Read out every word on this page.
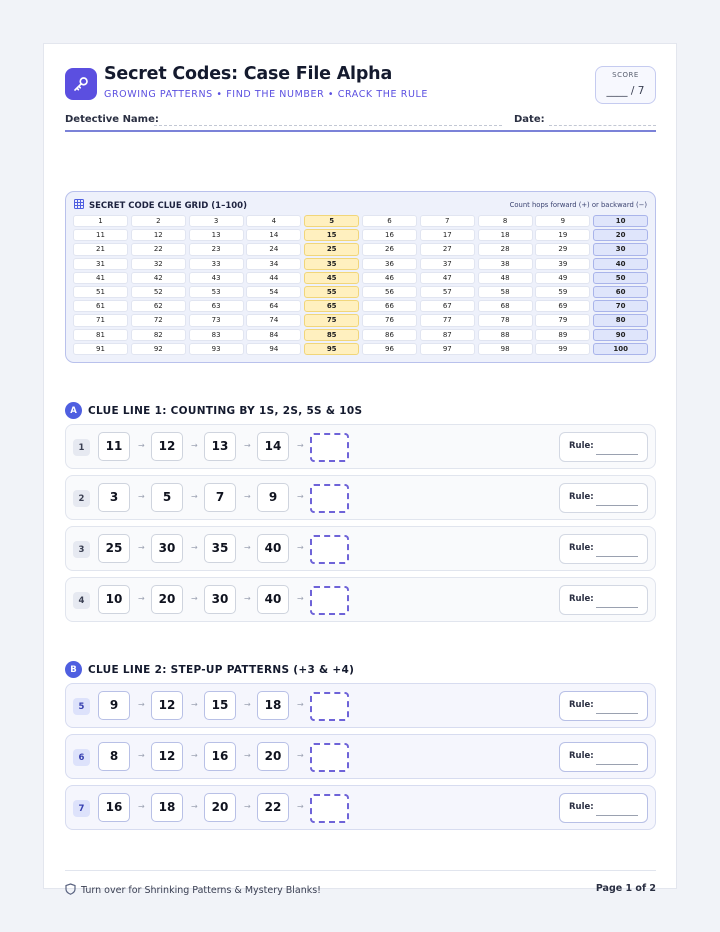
Secret Codes: Case File Alpha
GROWING PATTERNS • FIND THE NUMBER • CRACK THE RULE
SCORE
____ / 7
Detective Name:	Date:
SECRET CODE CLUE GRID (1–100)	Count hops forward (+) or backward (−)
1	2	3	4	5	6	7	8	9	10
11	12	13	14	15	16	17	18	19	20
21	22	23	24	25	26	27	28	29	30
31	32	33	34	35	36	37	38	39	40
41	42	43	44	45	46	47	48	49	50
51	52	53	54	55	56	57	58	59	60
61	62	63	64	65	66	67	68	69	70
71	72	73	74	75	76	77	78	79	80
81	82	83	84	85	86	87	88	89	90
91	92	93	94	95	96	97	98	99	100
A	CLUE LINE 1: COUNTING BY 1S, 2S, 5S & 10S
1	11	→	12	→	13	→	14	→	Rule:
2	3	→	5	→	7	→	9	→	Rule:
3	25	→	30	→	35	→	40	→	Rule:
4	10	→	20	→	30	→	40	→	Rule:
B	CLUE LINE 2: STEP-UP PATTERNS (+3 & +4)
5	9	→	12	→	15	→	18	→	Rule:
6	8	→	12	→	16	→	20	→	Rule:
7	16	→	18	→	20	→	22	→	Rule:
Turn over for Shrinking Patterns & Mystery Blanks!	Page 1 of 2
